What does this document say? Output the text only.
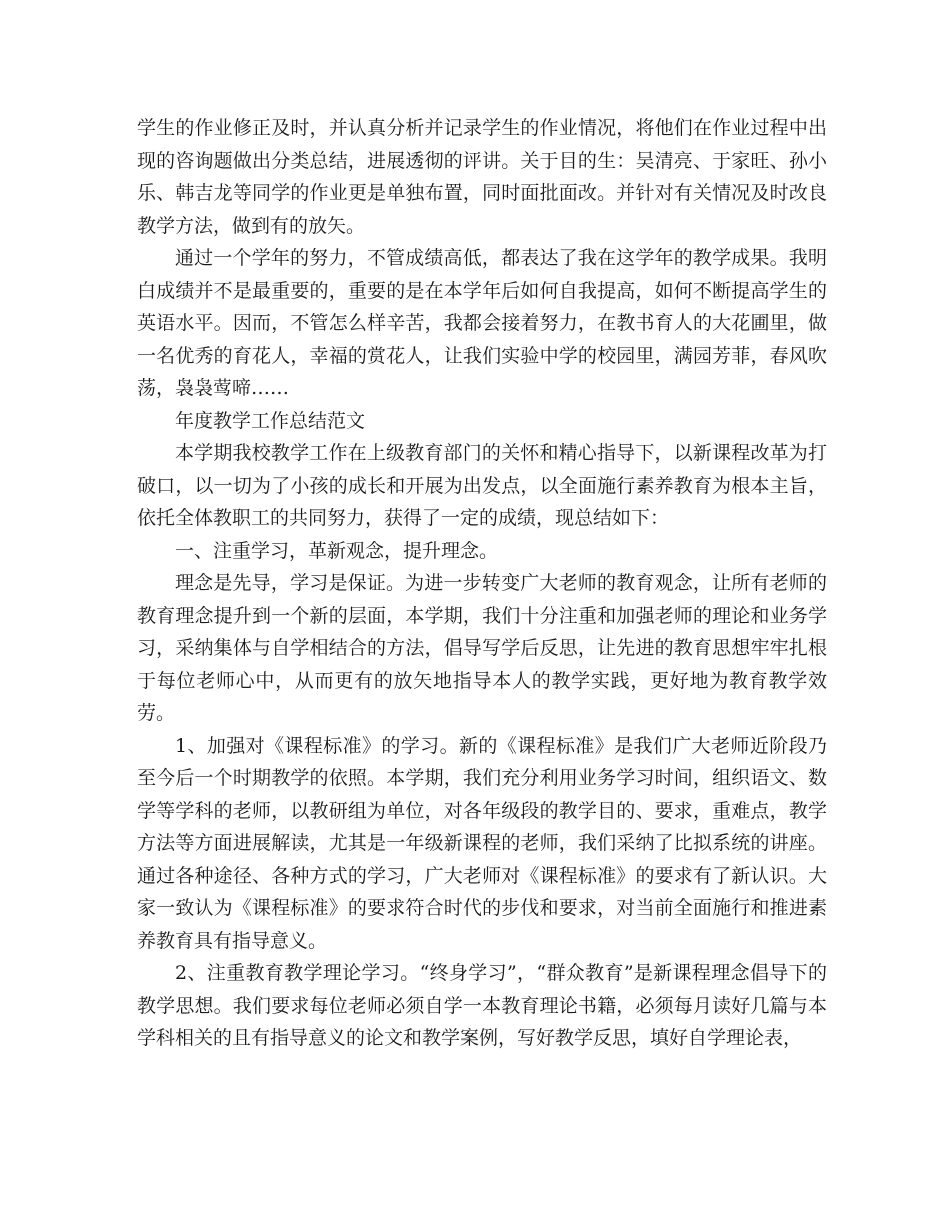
学生的作业修正及时，并认真分析并记录学生的作业情况，将他们在作业过程中出现的咨询题做出分类总结，进展透彻的评讲。关于目的生：吴清亮、于家旺、孙小乐、韩吉龙等同学的作业更是单独布置，同时面批面改。并针对有关情况及时改良教学方法，做到有的放矢。

通过一个学年的努力，不管成绩高低，都表达了我在这学年的教学成果。我明白成绩并不是最重要的，重要的是在本学年后如何自我提高，如何不断提高学生的英语水平。因而，不管怎么样辛苦，我都会接着努力，在教书育人的大花圃里，做一名优秀的育花人，幸福的赏花人，让我们实验中学的校园里，满园芳菲，春风吹荡，袅袅莺啼……

年度教学工作总结范文

本学期我校教学工作在上级教育部门的关怀和精心指导下，以新课程改革为打破口，以一切为了小孩的成长和开展为出发点，以全面施行素养教育为根本主旨，依托全体教职工的共同努力，获得了一定的成绩，现总结如下：

一、注重学习，革新观念，提升理念。

理念是先导，学习是保证。为进一步转变广大老师的教育观念，让所有老师的教育理念提升到一个新的层面，本学期，我们十分注重和加强老师的理论和业务学习，采纳集体与自学相结合的方法，倡导写学后反思，让先进的教育思想牢牢扎根于每位老师心中，从而更有的放矢地指导本人的教学实践，更好地为教育教学效劳。

1、加强对《课程标准》的学习。新的《课程标准》是我们广大老师近阶段乃至今后一个时期教学的依照。本学期，我们充分利用业务学习时间，组织语文、数学等学科的老师，以教研组为单位，对各年级段的教学目的、要求，重难点，教学方法等方面进展解读，尤其是一年级新课程的老师，我们采纳了比拟系统的讲座。通过各种途径、各种方式的学习，广大老师对《课程标准》的要求有了新认识。大家一致认为《课程标准》的要求符合时代的步伐和要求，对当前全面施行和推进素养教育具有指导意义。

2、注重教育教学理论学习。“终身学习”，“群众教育”是新课程理念倡导下的教学思想。我们要求每位老师必须自学一本教育理论书籍，必须每月读好几篇与本学科相关的且有指导意义的论文和教学案例，写好教学反思，填好自学理论表，
